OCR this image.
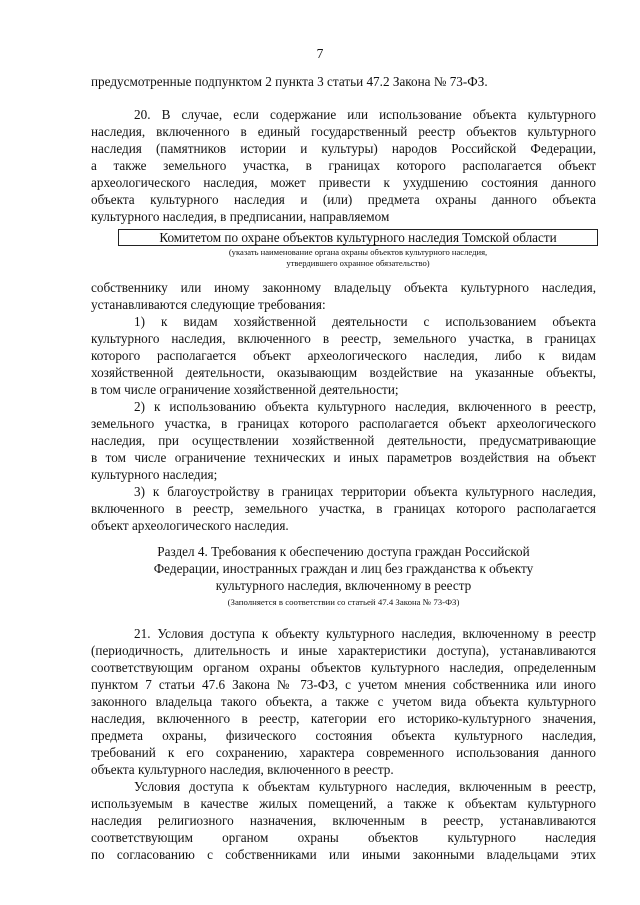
7
предусмотренные подпунктом 2 пункта 3 статьи 47.2 Закона № 73-ФЗ.
20. В случае, если содержание или использование объекта культурного
наследия, включенного в единый государственный реестр объектов культурного
наследия (памятников истории и культуры) народов Российской Федерации,
а также земельного участка, в границах которого располагается объект
археологического наследия, может привести к ухудшению состояния данного
объекта культурного наследия и (или) предмета охраны данного объекта
культурного наследия, в предписании, направляемом
Комитетом по охране объектов культурного наследия Томской области
(указать наименование органа охраны объектов культурного наследия,
утвердившего охранное обязательство)
собственнику или иному законному владельцу объекта культурного наследия,
устанавливаются следующие требования:
1) к видам хозяйственной деятельности с использованием объекта
культурного наследия, включенного в реестр, земельного участка, в границах
которого располагается объект археологического наследия, либо к видам
хозяйственной деятельности, оказывающим воздействие на указанные объекты,
в том числе ограничение хозяйственной деятельности;
2) к использованию объекта культурного наследия, включенного в реестр,
земельного участка, в границах которого располагается объект археологического
наследия, при осуществлении хозяйственной деятельности, предусматривающие
в том числе ограничение технических и иных параметров воздействия на объект
культурного наследия;
3) к благоустройству в границах территории объекта культурного наследия,
включенного в реестр, земельного участка, в границах которого располагается
объект археологического наследия.
Раздел 4. Требования к обеспечению доступа граждан Российской
Федерации, иностранных граждан и лиц без гражданства к объекту
культурного наследия, включенному в реестр
(Заполняется в соответствии со статьей 47.4 Закона № 73-ФЗ)
21. Условия доступа к объекту культурного наследия, включенному в реестр
(периодичность, длительность и иные характеристики доступа), устанавливаются
соответствующим органом охраны объектов культурного наследия, определенным
пунктом 7 статьи 47.6 Закона № 73-ФЗ, с учетом мнения собственника или иного
законного владельца такого объекта, а также с учетом вида объекта культурного
наследия, включенного в реестр, категории его историко-культурного значения,
предмета охраны, физического состояния объекта культурного наследия,
требований к его сохранению, характера современного использования данного
объекта культурного наследия, включенного в реестр.
Условия доступа к объектам культурного наследия, включенным в реестр,
используемым в качестве жилых помещений, а также к объектам культурного
наследия религиозного назначения, включенным в реестр, устанавливаются
соответствующим органом охраны объектов культурного наследия
по согласованию с собственниками или иными законными владельцами этих
